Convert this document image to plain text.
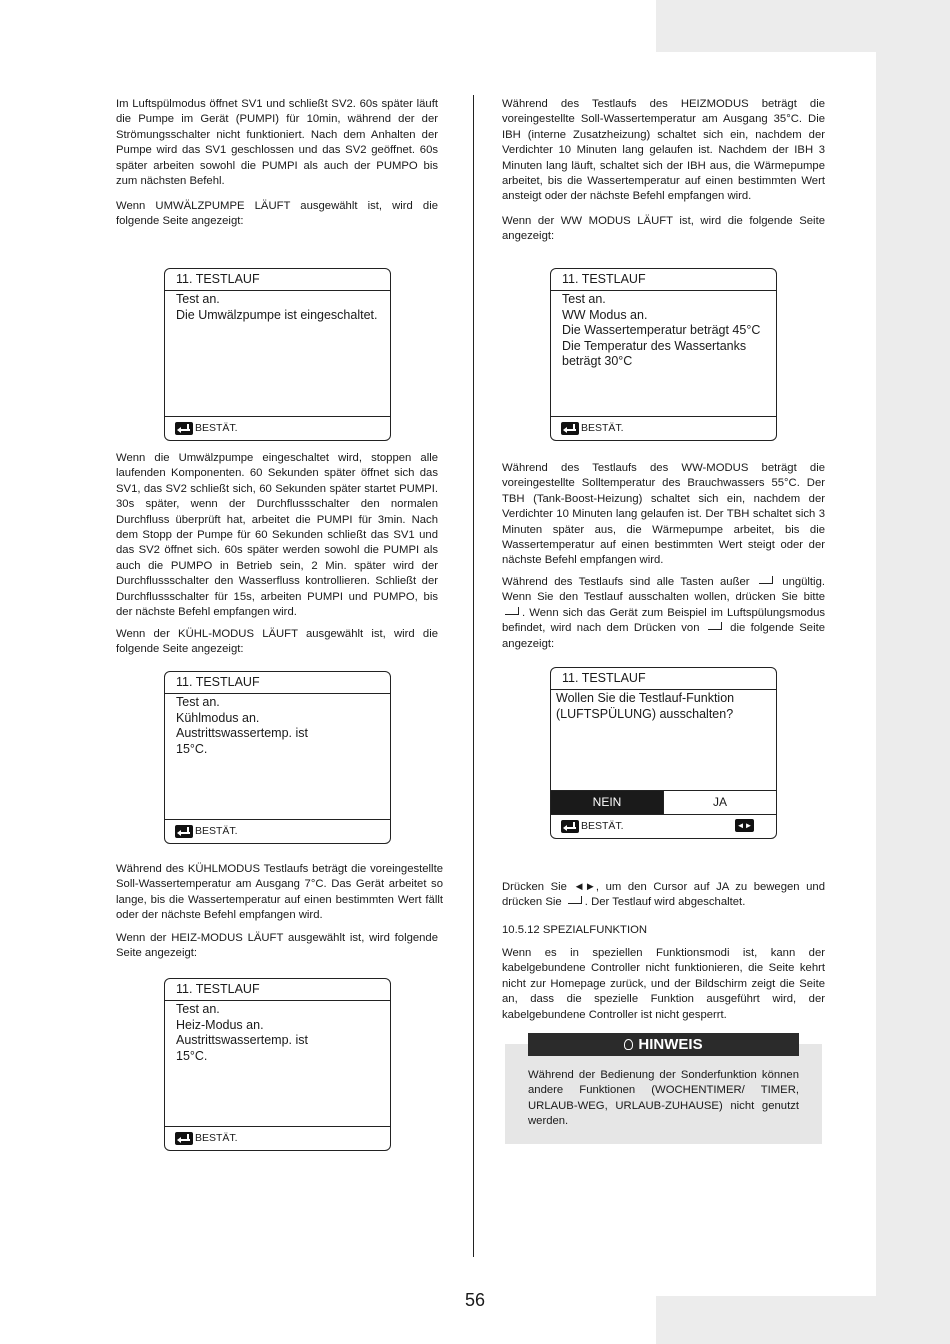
Im Luftspülmodus öffnet SV1 und schließt SV2. 60s später läuft die Pumpe im Gerät (PUMPI) für 10min, während der der Strömungsschalter nicht funktioniert. Nach dem Anhalten der Pumpe wird das SV1 geschlossen und das SV2 geöffnet. 60s später arbeiten sowohl die PUMPI als auch der PUMPO bis zum nächsten Befehl.

Wenn UMWÄLZPUMPE LÄUFT ausgewählt ist, wird die folgende Seite angezeigt:

11. TESTLAUF
Test an.
Die Umwälzpumpe ist eingeschaltet.
BESTÄT.

Wenn die Umwälzpumpe eingeschaltet wird, stoppen alle laufenden Komponenten. 60 Sekunden später öffnet sich das SV1, das SV2 schließt sich, 60 Sekunden später startet PUMPI. 30s später, wenn der Durchflussschalter den normalen Durchfluss überprüft hat, arbeitet die PUMPI für 3min. Nach dem Stopp der Pumpe für 60 Sekunden schließt das SV1 und das SV2 öffnet sich. 60s später werden sowohl die PUMPI als auch die PUMPO in Betrieb sein, 2 Min. später wird der Durchflussschalter den Wasserfluss kontrollieren. Schließt der Durchflussschalter für 15s, arbeiten PUMPI und PUMPO, bis der nächste Befehl empfangen wird.

Wenn der KÜHL-MODUS LÄUFT ausgewählt ist, wird die folgende Seite angezeigt:

11. TESTLAUF
Test an.
Kühlmodus an.
Austrittswassertemp. ist
15°C.
BESTÄT.

Während des KÜHLMODUS Testlaufs beträgt die voreingestellte Soll-Wassertemperatur am Ausgang 7°C. Das Gerät arbeitet so lange, bis die Wassertemperatur auf einen bestimmten Wert fällt oder der nächste Befehl empfangen wird.

Wenn der HEIZ-MODUS LÄUFT ausgewählt ist, wird folgende Seite angezeigt:

11. TESTLAUF
Test an.
Heiz-Modus an.
Austrittswassertemp. ist
15°C.
BESTÄT.

Während des Testlaufs des HEIZMODUS beträgt die voreingestellte Soll-Wassertemperatur am Ausgang 35°C. Die IBH (interne Zusatzheizung) schaltet sich ein, nachdem der Verdichter 10 Minuten lang gelaufen ist. Nachdem der IBH 3 Minuten lang läuft, schaltet sich der IBH aus, die Wärmepumpe arbeitet, bis die Wassertemperatur auf einen bestimmten Wert ansteigt oder der nächste Befehl empfangen wird.

Wenn der WW MODUS LÄUFT ist, wird die folgende Seite angezeigt:

11. TESTLAUF
Test an.
WW Modus an.
Die Wassertemperatur beträgt 45°C
Die Temperatur des Wassertanks
beträgt 30°C
BESTÄT.

Während des Testlaufs des WW-MODUS beträgt die voreingestellte Solltemperatur des Brauchwassers 55°C. Der TBH (Tank-Boost-Heizung) schaltet sich ein, nachdem der Verdichter 10 Minuten lang gelaufen ist. Der TBH schaltet sich 3 Minuten später aus, die Wärmepumpe arbeitet, bis die Wassertemperatur auf einen bestimmten Wert steigt oder der nächste Befehl empfangen wird.

Während des Testlaufs sind alle Tasten außer	ungültig. Wenn Sie den Testlauf ausschalten wollen, drücken Sie bitte . Wenn sich das Gerät zum Beispiel im Luftspülungsmodus befindet, wird nach dem Drücken von	die folgende Seite angezeigt:

11. TESTLAUF
Wollen Sie die Testlauf-Funktion
(LUFTSPÜLUNG) ausschalten?
NEIN	JA
BESTÄT.	◄►

Drücken Sie ◄►, um den Cursor auf JA zu bewegen und drücken Sie . Der Testlauf wird abgeschaltet.

10.5.12 SPEZIALFUNKTION

Wenn es in speziellen Funktionsmodi ist, kann der kabelgebundene Controller nicht funktionieren, die Seite kehrt nicht zur Homepage zurück, und der Bildschirm zeigt die Seite an, dass die spezielle Funktion ausgeführt wird, der kabelgebundene Controller ist nicht gesperrt.

HINWEIS

Während der Bedienung der Sonderfunktion können andere Funktionen (WOCHENTIMER/ TIMER, URLAUB-WEG, URLAUB-ZUHAUSE) nicht genutzt werden.

56
